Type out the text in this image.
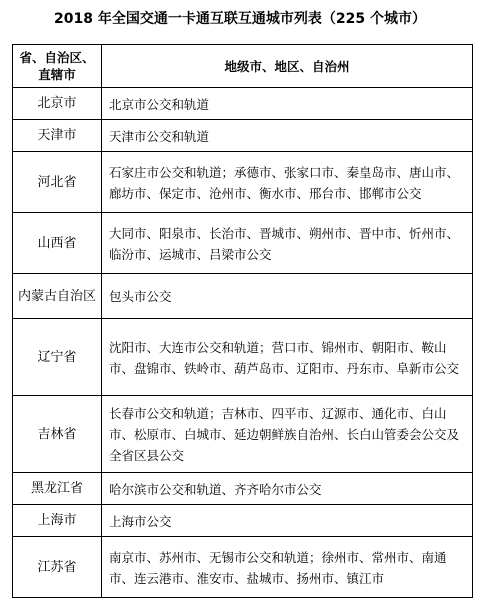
2018 年全国交通一卡通互联互通城市列表（225 个城市）
省、自治区、直辖市	地级市、地区、自治州
北京市	北京市公交和轨道
天津市	天津市公交和轨道
河北省	石家庄市公交和轨道；承德市、张家口市、秦皇岛市、唐山市、廊坊市、保定市、沧州市、衡水市、邢台市、邯郸市公交
山西省	大同市、阳泉市、长治市、晋城市、朔州市、晋中市、忻州市、临汾市、运城市、吕梁市公交
内蒙古自治区	包头市公交
辽宁省	沈阳市、大连市公交和轨道；营口市、锦州市、朝阳市、鞍山市、盘锦市、铁岭市、葫芦岛市、辽阳市、丹东市、阜新市公交
吉林省	长春市公交和轨道；吉林市、四平市、辽源市、通化市、白山市、松原市、白城市、延边朝鲜族自治州、长白山管委会公交及全省区县公交
黑龙江省	哈尔滨市公交和轨道、齐齐哈尔市公交
上海市	上海市公交
江苏省	南京市、苏州市、无锡市公交和轨道；徐州市、常州市、南通市、连云港市、淮安市、盐城市、扬州市、镇江市
